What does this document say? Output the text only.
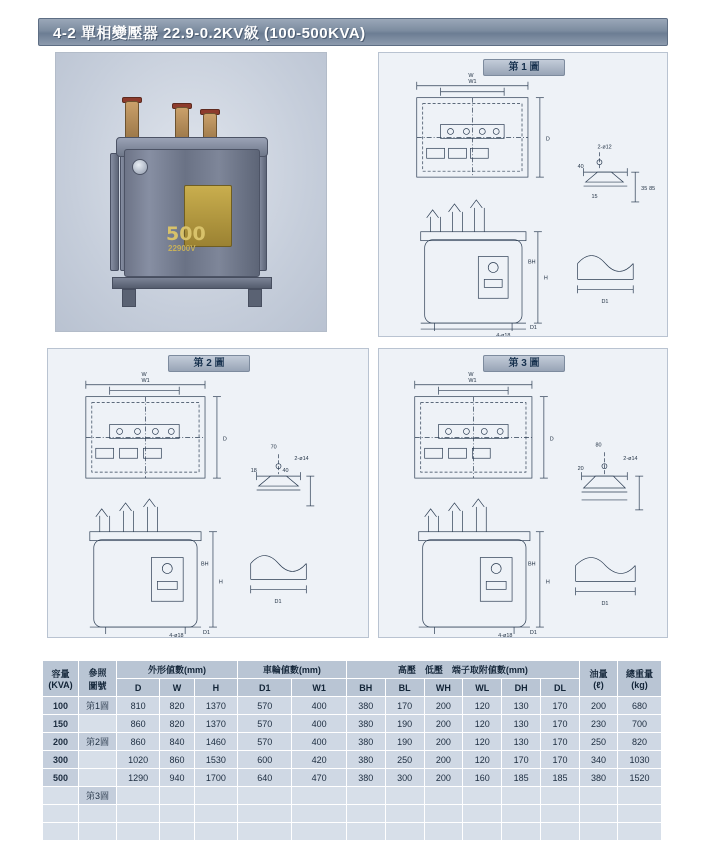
4-2 單相變壓器 22.9-0.2KV級 (100-500KVA)
500
22900V
第 1 圖
W1
W
D
D1
H
BH
2-ø12
40
35 85
15
D1
4-ø18
第 2 圖
W1
W
D
D1
H
BH
70
18	40
2-ø14
D1
4-ø18
第 3 圖
W1
W
D
D1
H
BH
80
20
2-ø14
D1
4-ø18
容量
(KVA)

參照
圖號
	外形値數(mm)	車輪値數(mm)	高壓　低壓　端子取附値數(mm)	油量
(ℓ)

總重量
(kg)

		D	W	H	D1	W1	BH	BL	WH	WL	DH	DL		
100	第1圖	810	820	1370	570	400	380	170	200	120	130	170	200	680
150		860	820	1370	570	400	380	190	200	120	130	170	230	700
200	第2圖	860	840	1460	570	400	380	190	200	120	130	170	250	820
300		1020	860	1530	600	420	380	250	200	120	170	170	340	1030
500		1290	940	1700	640	470	380	300	200	160	185	185	380	1520
	第3圖													
